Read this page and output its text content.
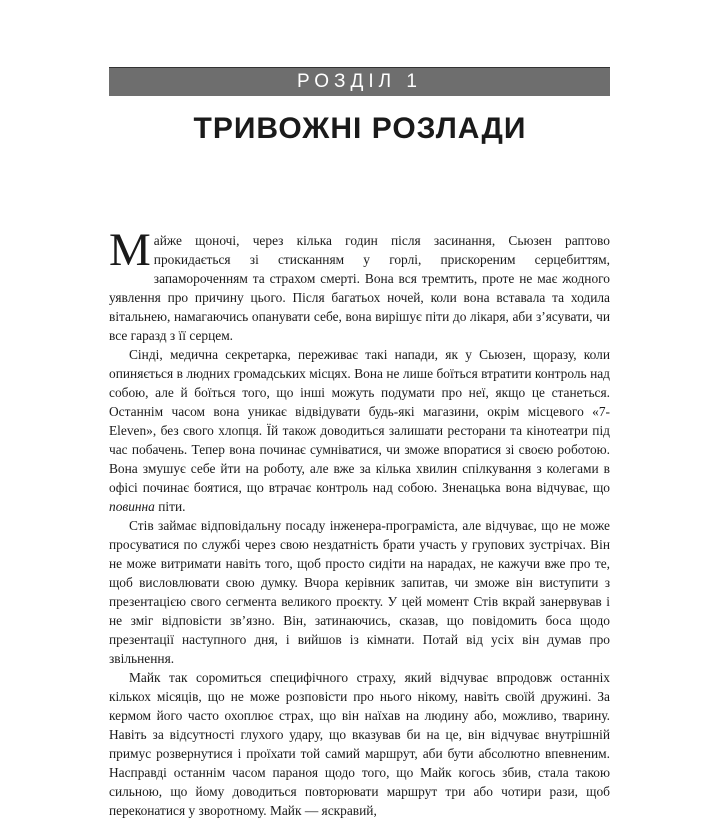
РОЗДІЛ 1
ТРИВОЖНІ РОЗЛАДИ

Майже щоночі, через кілька годин після засинання, Сьюзен раптово прокидається зі стисканням у горлі, прискореним серцебиттям, запамороченням та страхом смерті. Вона вся тремтить, проте не має жодного уявлення про причину цього. Після багатьох ночей, коли вона вставала та ходила вітальнею, намагаючись опанувати себе, вона вирішує піти до лікаря, аби з’ясувати, чи все гаразд з її серцем.

Сінді, медична секретарка, переживає такі напади, як у Сьюзен, щоразу, коли опиняється в людних громадських місцях. Вона не лише боїться втратити контроль над собою, але й боїться того, що інші можуть подумати про неї, якщо це станеться. Останнім часом вона уникає відвідувати будь-які магазини, окрім місцевого «7-Eleven», без свого хлопця. Їй також доводиться залишати ресторани та кінотеатри під час побачень. Тепер вона починає сумніватися, чи зможе впоратися зі своєю роботою. Вона змушує себе йти на роботу, але вже за кілька хвилин спілкування з колегами в офісі починає боятися, що втрачає контроль над собою. Зненацька вона відчуває, що повинна піти.

Стів займає відповідальну посаду інженера-програміста, але відчуває, що не може просуватися по службі через свою нездатність брати участь у групових зустрічах. Він не може витримати навіть того, щоб просто сидіти на нарадах, не кажучи вже про те, щоб висловлювати свою думку. Вчора керівник запитав, чи зможе він виступити з презентацією свого сегмента великого проєкту. У цей момент Стів вкрай занервував і не зміг відповісти зв’язно. Він, затинаючись, сказав, що повідомить боса щодо презентації наступного дня, і вийшов із кімнати. Потай від усіх він думав про звільнення.

Майк так соромиться специфічного страху, який відчуває впродовж останніх кількох місяців, що не може розповісти про нього нікому, навіть своїй дружині. За кермом його часто охоплює страх, що він наїхав на людину або, можливо, тварину. Навіть за відсутності глухого удару, що вказував би на це, він відчуває внутрішній примус розвернутися і проїхати той самий маршрут, аби бути абсолютно впевненим. Насправді останнім часом параноя щодо того, що Майк когось збив, стала такою сильною, що йому доводиться повторювати маршрут три або чотири рази, щоб переконатися у зворотному. Майк — яскравий,
